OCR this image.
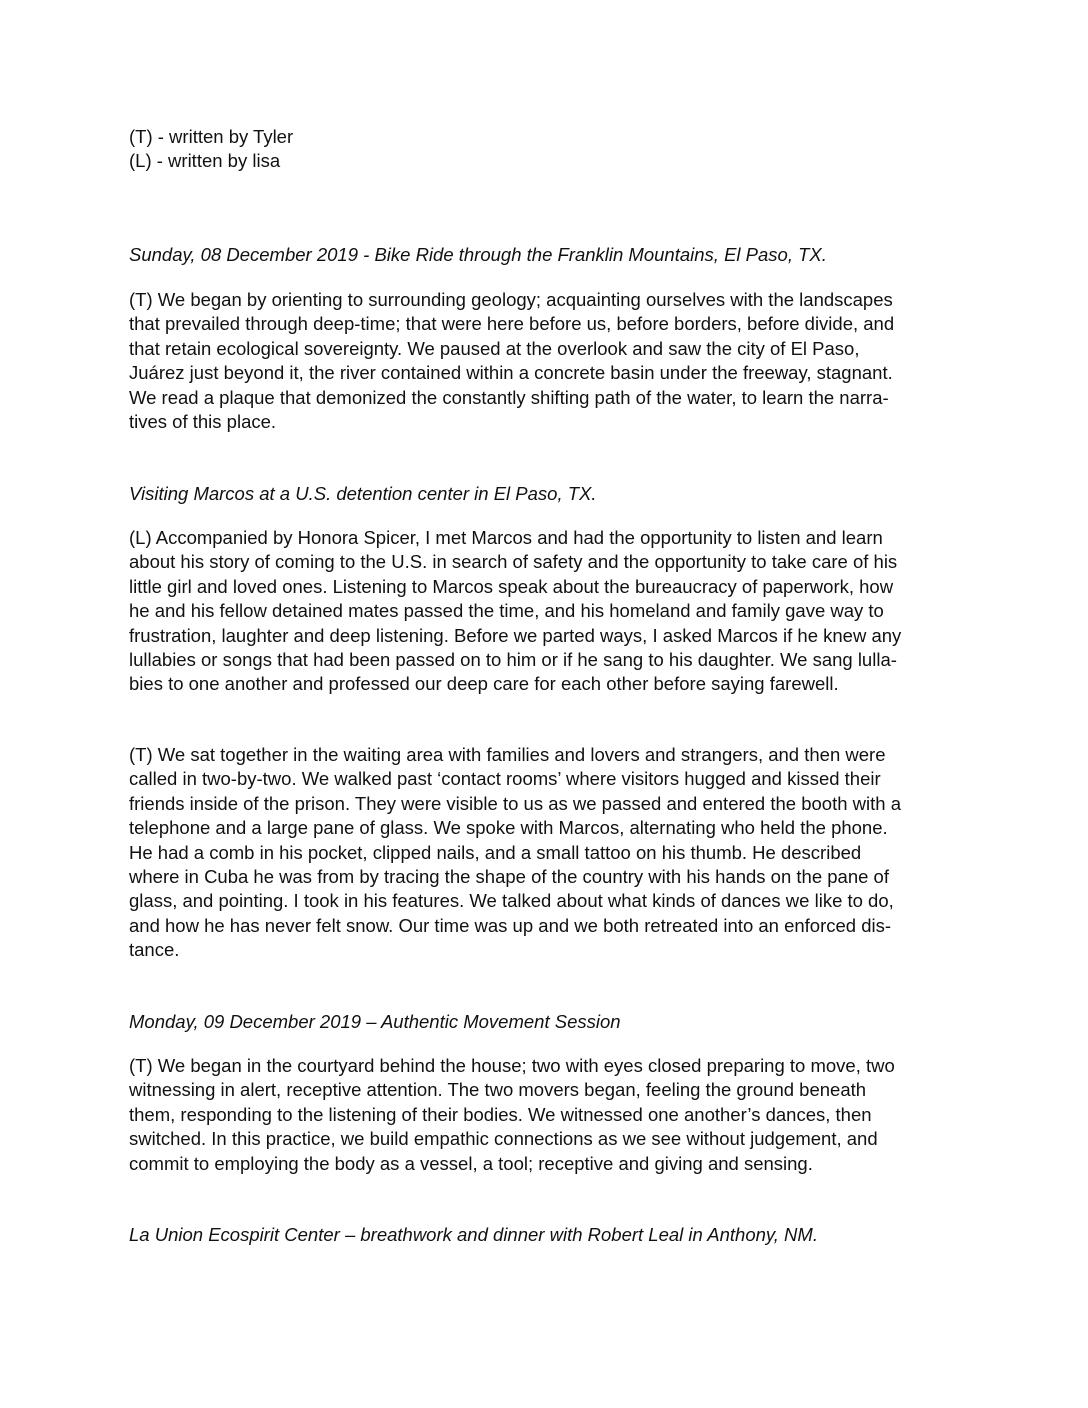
(T) - written by Tyler
(L) - written by lisa
Sunday, 08 December 2019 - Bike Ride through the Franklin Mountains, El Paso, TX.
(T) We began by orienting to surrounding geology; acquainting ourselves with the landscapes
that prevailed through deep-time; that were here before us, before borders, before divide, and
that retain ecological sovereignty. We paused at the overlook and saw the city of El Paso,
Juárez just beyond it, the river contained within a concrete basin under the freeway, stagnant.
We read a plaque that demonized the constantly shifting path of the water, to learn the narra-
tives of this place.
Visiting Marcos at a U.S. detention center in El Paso, TX.
(L) Accompanied by Honora Spicer, I met Marcos and had the opportunity to listen and learn
about his story of coming to the U.S. in search of safety and the opportunity to take care of his
little girl and loved ones. Listening to Marcos speak about the bureaucracy of paperwork, how
he and his fellow detained mates passed the time, and his homeland and family gave way to
frustration, laughter and deep listening. Before we parted ways, I asked Marcos if he knew any
lullabies or songs that had been passed on to him or if he sang to his daughter. We sang lulla-
bies to one another and professed our deep care for each other before saying farewell.
(T) We sat together in the waiting area with families and lovers and strangers, and then were
called in two-by-two. We walked past ‘contact rooms’ where visitors hugged and kissed their
friends inside of the prison. They were visible to us as we passed and entered the booth with a
telephone and a large pane of glass. We spoke with Marcos, alternating who held the phone.
He had a comb in his pocket, clipped nails, and a small tattoo on his thumb. He described
where in Cuba he was from by tracing the shape of the country with his hands on the pane of
glass, and pointing. I took in his features. We talked about what kinds of dances we like to do,
and how he has never felt snow. Our time was up and we both retreated into an enforced dis-
tance.
Monday, 09 December 2019 – Authentic Movement Session
(T) We began in the courtyard behind the house; two with eyes closed preparing to move, two
witnessing in alert, receptive attention. The two movers began, feeling the ground beneath
them, responding to the listening of their bodies. We witnessed one another’s dances, then
switched. In this practice, we build empathic connections as we see without judgement, and
commit to employing the body as a vessel, a tool; receptive and giving and sensing.
La Union Ecospirit Center – breathwork and dinner with Robert Leal in Anthony, NM.
